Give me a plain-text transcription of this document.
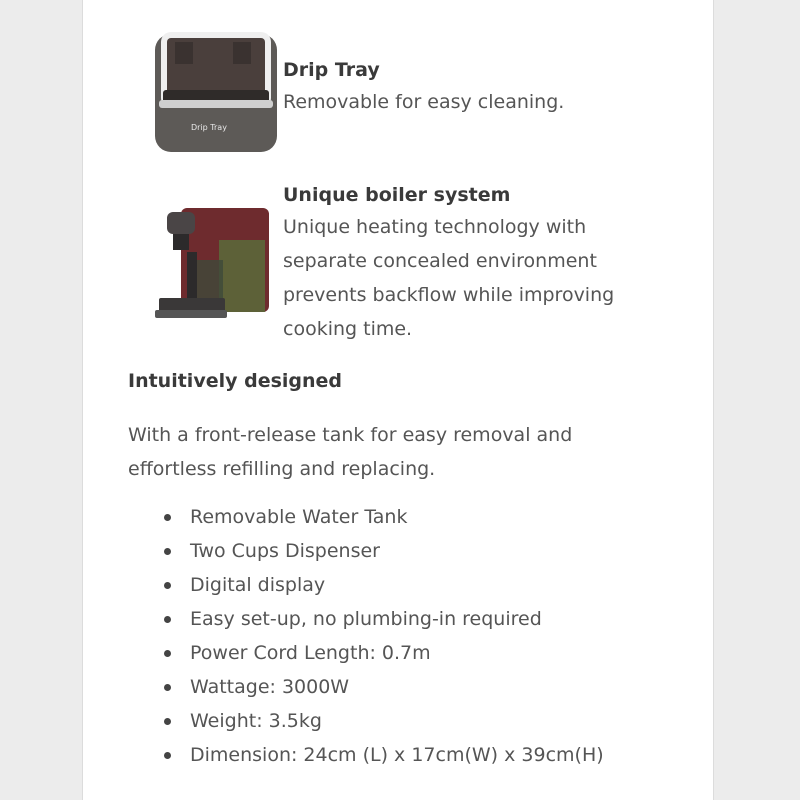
Drip Tray

Drip Tray

Removable for easy cleaning.

Unique boiler system

Unique heating technology with

separate concealed environment

prevents backflow while improving

cooking time.

Intuitively designed
With a front-release tank for easy removal and
effortless refilling and replacing.
Removable Water Tank
Two Cups Dispenser
Digital display
Easy set-up, no plumbing-in required
Power Cord Length: 0.7m
Wattage: 3000W
Weight: 3.5kg
Dimension: 24cm (L) x 17cm(W) x 39cm(H)
